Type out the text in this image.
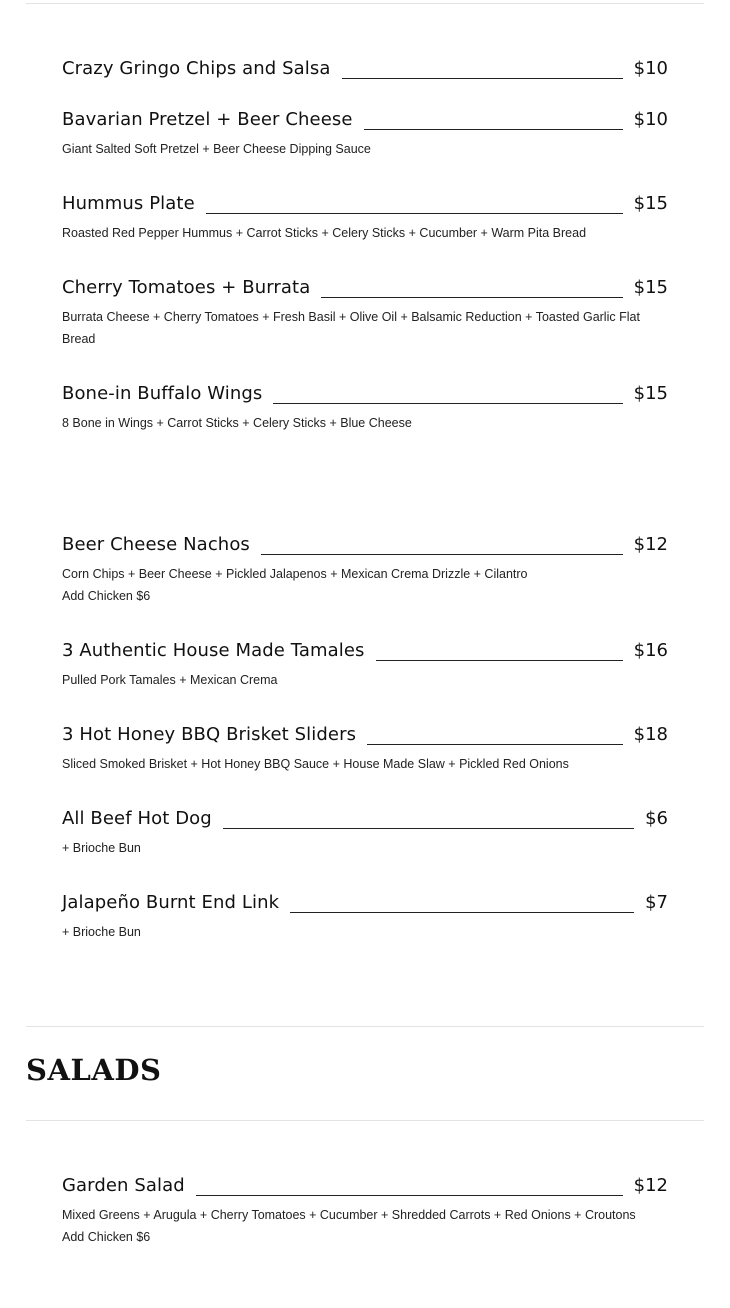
Crazy Gringo Chips and Salsa	$10
Bavarian Pretzel + Beer Cheese	$10
Giant Salted Soft Pretzel + Beer Cheese Dipping Sauce
Hummus Plate	$15
Roasted Red Pepper Hummus + Carrot Sticks + Celery Sticks + Cucumber + Warm Pita Bread
Cherry Tomatoes + Burrata	$15
Burrata Cheese + Cherry Tomatoes + Fresh Basil + Olive Oil + Balsamic Reduction + Toasted Garlic Flat Bread
Bone-in Buffalo Wings	$15
8 Bone in Wings + Carrot Sticks + Celery Sticks + Blue Cheese
Beer Cheese Nachos	$12
Corn Chips + Beer Cheese + Pickled Jalapenos + Mexican Crema Drizzle + Cilantro
Add Chicken $6
3 Authentic House Made Tamales	$16
Pulled Pork Tamales + Mexican Crema
3 Hot Honey BBQ Brisket Sliders	$18
Sliced Smoked Brisket + Hot Honey BBQ Sauce + House Made Slaw + Pickled Red Onions
All Beef Hot Dog	$6
+ Brioche Bun
Jalapeño Burnt End Link	$7
+ Brioche Bun
SALADS
Garden Salad	$12
Mixed Greens + Arugula + Cherry Tomatoes + Cucumber + Shredded Carrots + Red Onions + Croutons
Add Chicken $6
